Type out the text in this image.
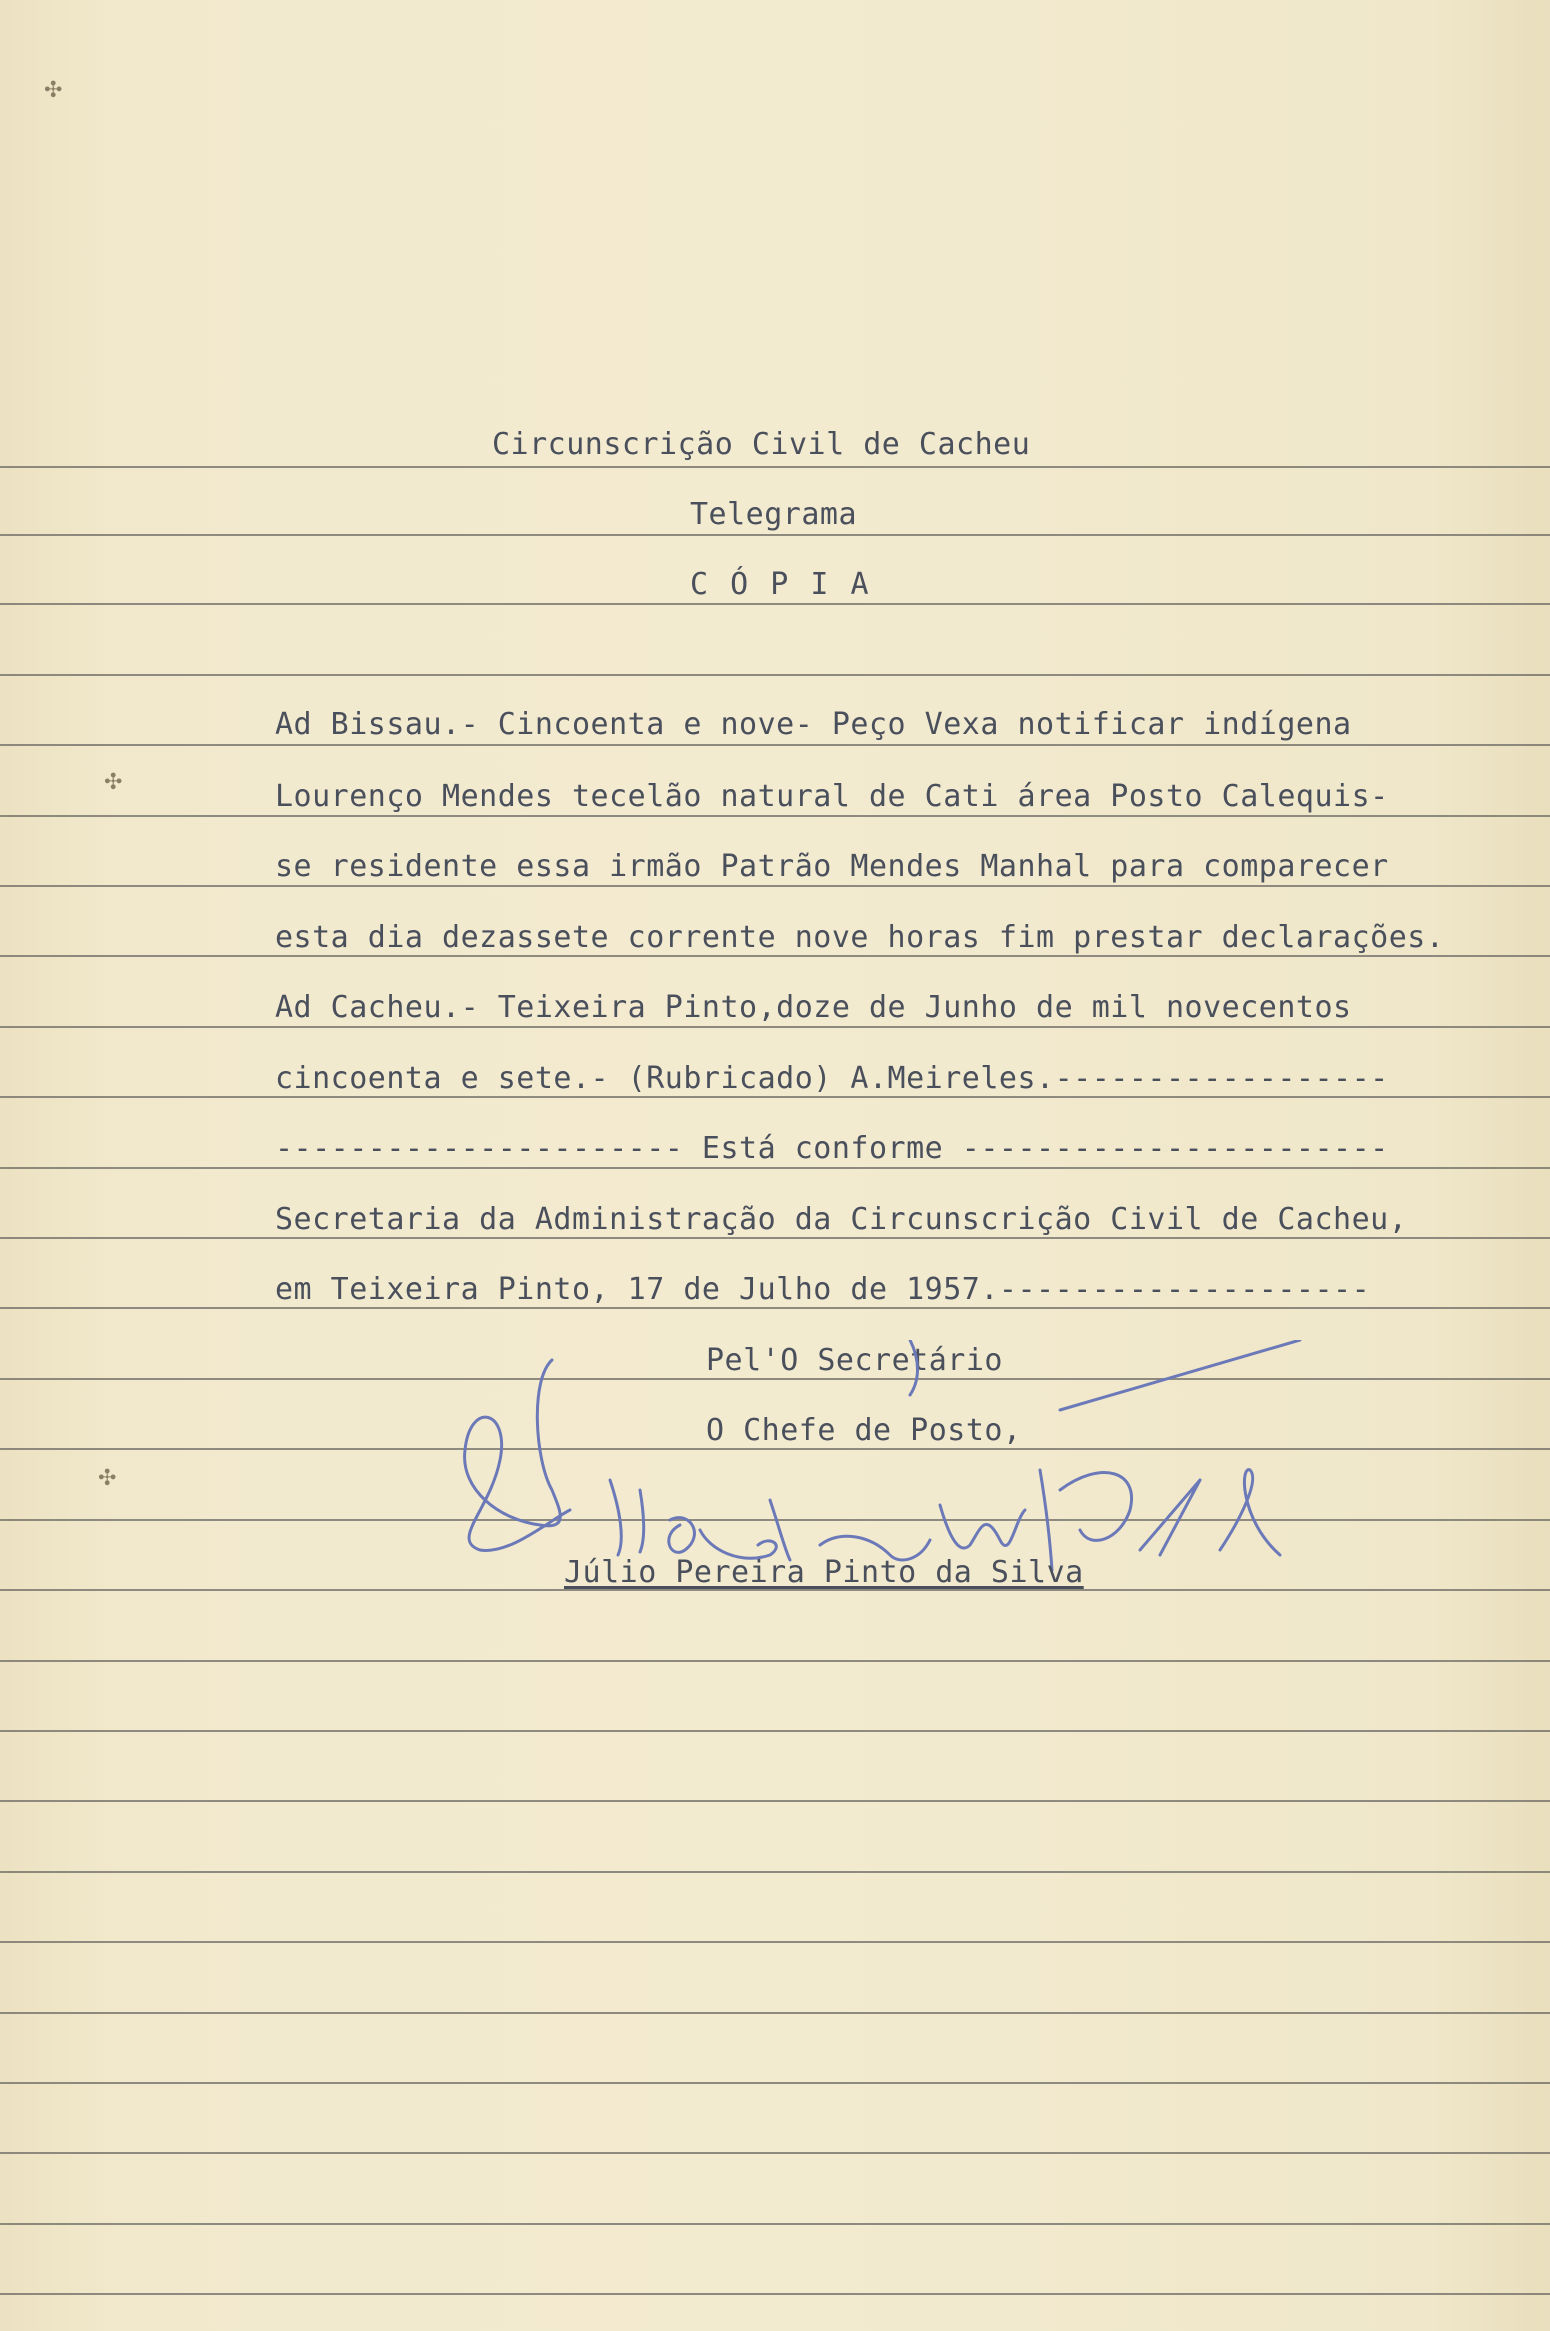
✣
✣
✣
Circunscrição Civil de Cacheu
Telegrama
C Ó P I A
Ad Bissau.- Cincoenta e nove- Peço Vexa notificar indígena
Lourenço Mendes tecelão natural de Cati área Posto Calequis-
se residente essa irmão Patrão Mendes Manhal para comparecer
esta dia dezassete corrente nove horas fim prestar declarações.
Ad Cacheu.- Teixeira Pinto,doze de Junho de mil novecentos
cincoenta e sete.- (Rubricado) A.Meireles.------------------
---------------------- Está conforme -----------------------
Secretaria da Administração da Circunscrição Civil de Cacheu,
em Teixeira Pinto, 17 de Julho de 1957.--------------------
Pel'O Secretário
O Chefe de Posto,
Júlio Pereira Pinto da Silva
